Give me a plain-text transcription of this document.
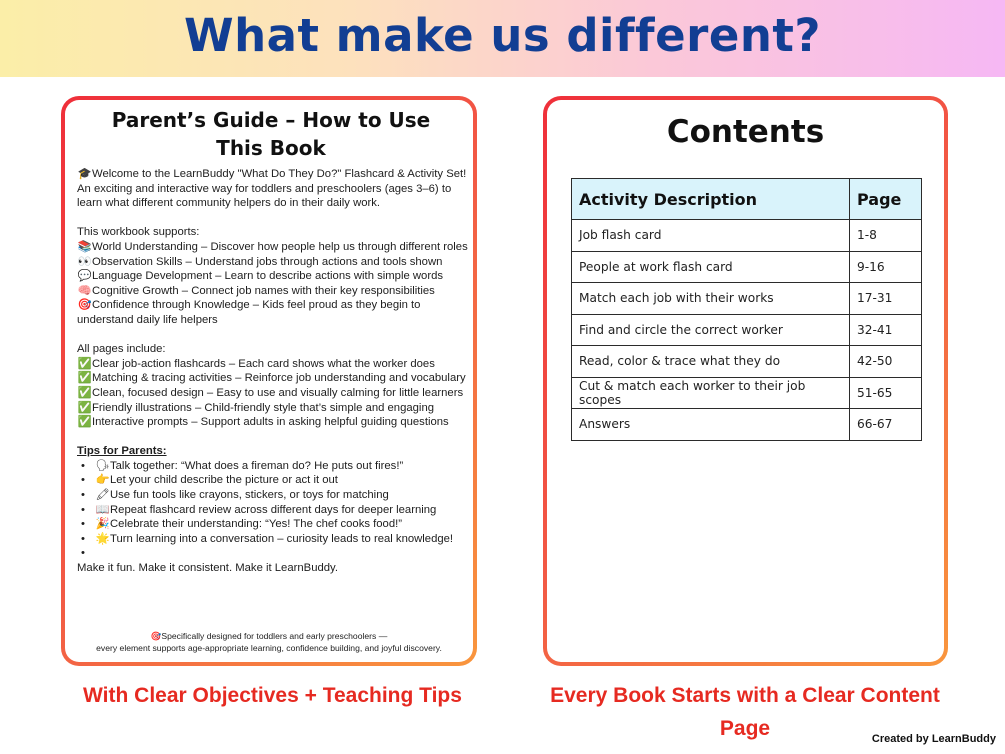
What make us different?
Parent’s Guide – How to Use This Book

🎓Welcome to the LearnBuddy "What Do They Do?" Flashcard & Activity Set!

An exciting and interactive way for toddlers and preschoolers (ages 3–6) to learn what different community helpers do in their daily work.

This workbook supports:

📚World Understanding – Discover how people help us through different roles

👀Observation Skills – Understand jobs through actions and tools shown

💬Language Development – Learn to describe actions with simple words

🧠Cognitive Growth – Connect job names with their key responsibilities

🎯Confidence through Knowledge – Kids feel proud as they begin to understand daily life helpers

All pages include:

✅Clear job-action flashcards – Each card shows what the worker does

✅Matching & tracing activities – Reinforce job understanding and vocabulary

✅Clean, focused design – Easy to use and visually calming for little learners

✅Friendly illustrations – Child-friendly style that’s simple and engaging

✅Interactive prompts – Support adults in asking helpful guiding questions

Tips for Parents:

• 🗣Talk together: “What does a fireman do? He puts out fires!”
• 👉Let your child describe the picture or act it out
• 🖍Use fun tools like crayons, stickers, or toys for matching
• 📖Repeat flashcard review across different days for deeper learning
• 🎉Celebrate their understanding: “Yes! The chef cooks food!”
• 🌟Turn learning into a conversation – curiosity leads to real knowledge!
•

Make it fun. Make it consistent. Make it LearnBuddy.

🎯Specifically designed for toddlers and early preschoolers —
every element supports age-appropriate learning, confidence building, and joyful discovery.
Contents
Activity Description	Page
Job flash card	1-8
People at work flash card	9-16
Match each job with their works	17-31
Find and circle the correct worker	32-41
Read, color & trace what they do	42-50
Cut & match each worker to their job scopes	51-65
Answers	66-67
With Clear Objectives + Teaching Tips	Every Book Starts with a Clear Content Page	Created by LearnBuddy
